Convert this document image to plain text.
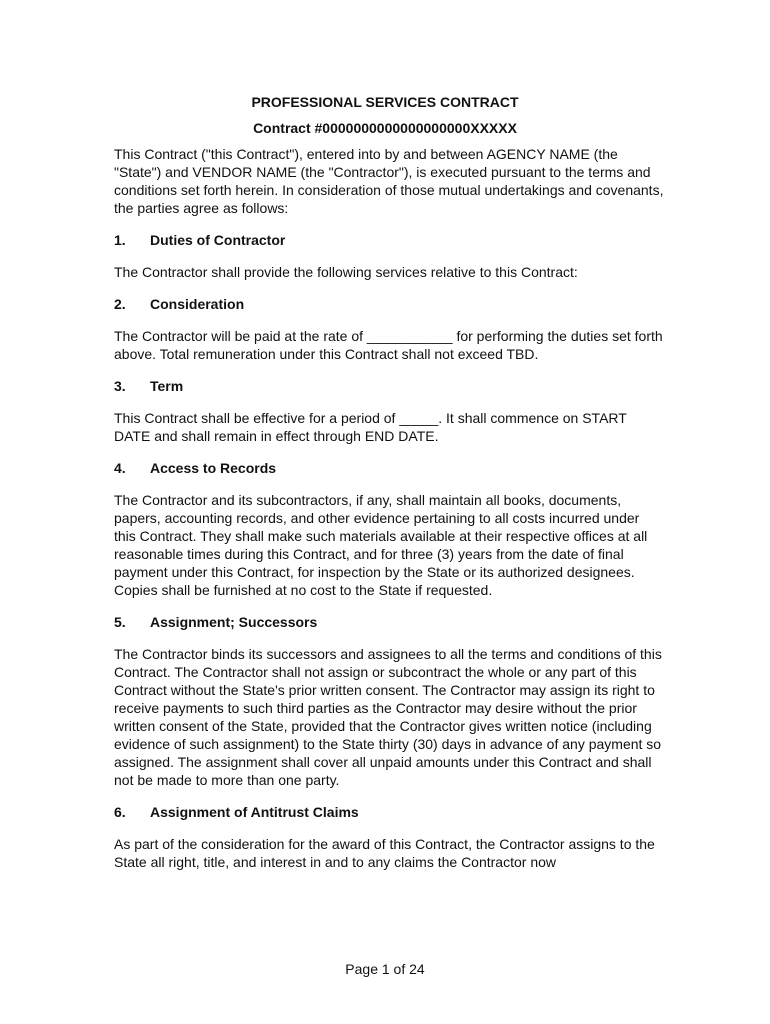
PROFESSIONAL SERVICES CONTRACT
Contract #0000000000000000000XXXXX

This Contract ("this Contract"), entered into by and between AGENCY NAME (the "State") and VENDOR NAME (the "Contractor"), is executed pursuant to the terms and conditions set forth herein. In consideration of those mutual undertakings and covenants, the parties agree as follows:

1.	Duties of Contractor

The Contractor shall provide the following services relative to this Contract:

2.	Consideration

The Contractor will be paid at the rate of ___________ for performing the duties set forth above. Total remuneration under this Contract shall not exceed TBD.

3.	Term

This Contract shall be effective for a period of _____. It shall commence on START DATE and shall remain in effect through END DATE.

4.	Access to Records

The Contractor and its subcontractors, if any, shall maintain all books, documents, papers, accounting records, and other evidence pertaining to all costs incurred under this Contract. They shall make such materials available at their respective offices at all reasonable times during this Contract, and for three (3) years from the date of final payment under this Contract, for inspection by the State or its authorized designees. Copies shall be furnished at no cost to the State if requested.

5.	Assignment; Successors

The Contractor binds its successors and assignees to all the terms and conditions of this Contract. The Contractor shall not assign or subcontract the whole or any part of this Contract without the State's prior written consent. The Contractor may assign its right to receive payments to such third parties as the Contractor may desire without the prior written consent of the State, provided that the Contractor gives written notice (including evidence of such assignment) to the State thirty (30) days in advance of any payment so assigned. The assignment shall cover all unpaid amounts under this Contract and shall not be made to more than one party.

6.	Assignment of Antitrust Claims

As part of the consideration for the award of this Contract, the Contractor assigns to the State all right, title, and interest in and to any claims the Contractor now

Page 1 of 24
